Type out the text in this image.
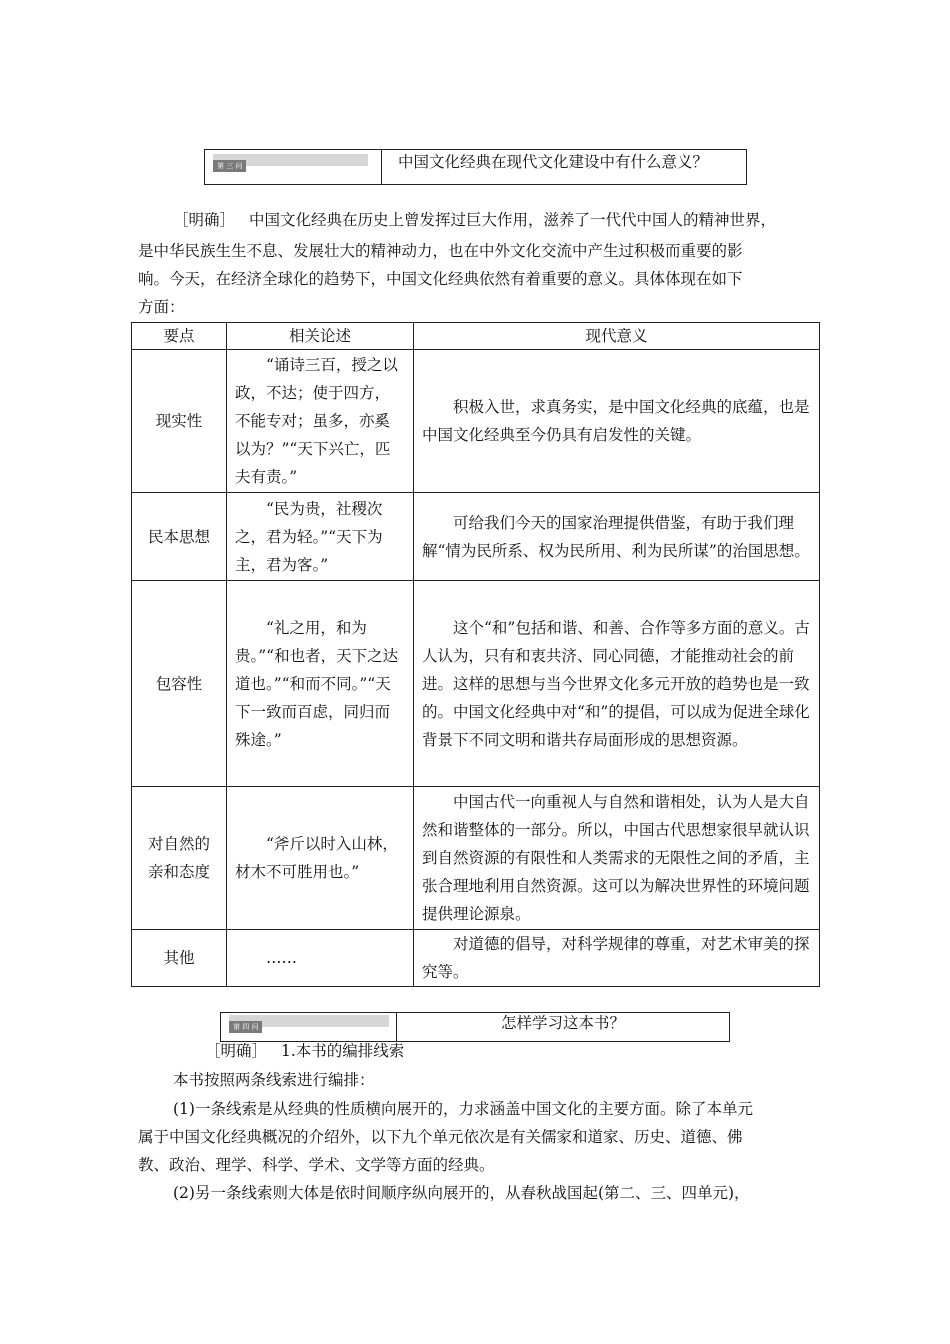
第 三 问	中国文化经典在现代文化建设中有什么意义？
［明确］ 中国文化经典在历史上曾发挥过巨大作用，滋养了一代代中国人的精神世界，
是中华民族生生不息、发展壮大的精神动力，也在中外文化交流中产生过积极而重要的影
响。今天，在经济全球化的趋势下，中国文化经典依然有着重要的意义。具体体现在如下
方面：
要点	相关论述	现代意义
现实性	“诵诗三百，授之以政，不达；使于四方，不能专对；虽多，亦奚以为？”“天下兴亡，匹夫有责。”	积极入世，求真务实，是中国文化经典的底蕴，也是中国文化经典至今仍具有启发性的关键。
民本思想	“民为贵，社稷次之，君为轻。”“天下为主，君为客。”	可给我们今天的国家治理提供借鉴，有助于我们理解“情为民所系、权为民所用、利为民所谋”的治国思想。
包容性	“礼之用，和为贵。”“和也者，天下之达道也。”“和而不同。”“天下一致而百虑，同归而殊途。”	这个“和”包括和谐、和善、合作等多方面的意义。古人认为，只有和衷共济、同心同德，才能推动社会的前进。这样的思想与当今世界文化多元开放的趋势也是一致的。中国文化经典中对“和”的提倡，可以成为促进全球化背景下不同文明和谐共存局面形成的思想资源。
对自然的亲和态度	“斧斤以时入山林，材木不可胜用也。”	中国古代一向重视人与自然和谐相处，认为人是大自然和谐整体的一部分。所以，中国古代思想家很早就认识到自然资源的有限性和人类需求的无限性之间的矛盾，主张合理地利用自然资源。这可以为解决世界性的环境问题提供理论源泉。
其他	……	对道德的倡导，对科学规律的尊重，对艺术审美的探究等。
第 四 问	怎样学习这本书？
［明确］ 1.本书的编排线索
本书按照两条线索进行编排：
(1)一条线索是从经典的性质横向展开的，力求涵盖中国文化的主要方面。除了本单元
属于中国文化经典概况的介绍外，以下九个单元依次是有关儒家和道家、历史、道德、佛
教、政治、理学、科学、学术、文学等方面的经典。
(2)另一条线索则大体是依时间顺序纵向展开的，从春秋战国起(第二、三、四单元)，
